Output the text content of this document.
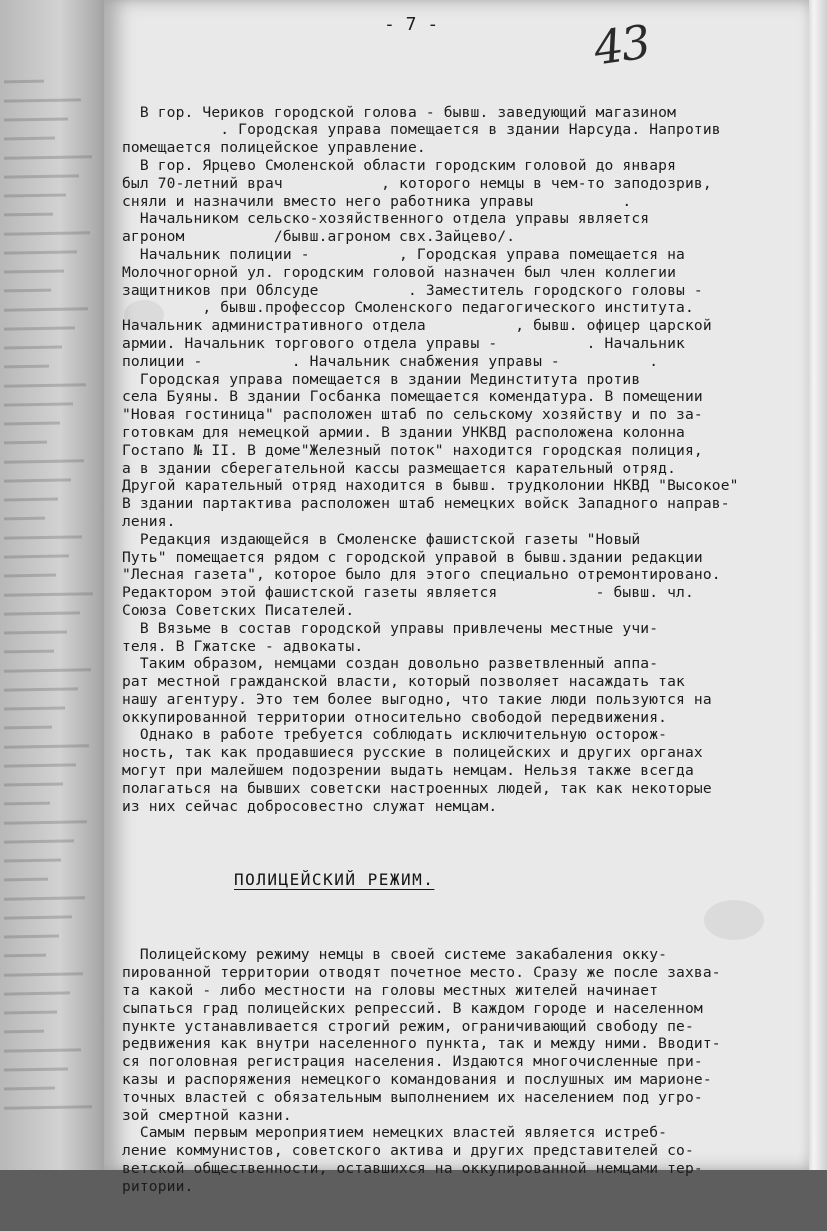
- 7 -	43

В гор. Чериков городской голова - бывш. заведующий магазином
. Городская управа помещается в здании Нарсуда. Напротив
помещается полицейское управление.
В гор. Ярцево Смоленской области городским головой до января
был 70-летний врач           , которого немцы в чем-то заподозрив,
сняли и назначили вместо него работника управы          .
Начальником сельско-хозяйственного отдела управы является
агроном          /бывш.агроном свх.Зайцево/.
Начальник полиции -          , Городская управа помещается на
Молочногорной ул. городским головой назначен был член коллегии
защитников при Облсуде          . Заместитель городского головы -
, бывш.профессор Смоленского педагогического института.
Начальник административного отдела          , бывш. офицер царской
армии. Начальник торгового отдела управы -          . Начальник
полиции -          . Начальник снабжения управы -          .
Городская управа помещается в здании Мединститута против
села Буяны. В здании Госбанка помещается комендатура. В помещении
"Новая гостиница" расположен штаб по сельскому хозяйству и по за-
готовкам для немецкой армии. В здании УНКВД расположена колонна
Гостапо № II. В доме"Железный поток" находится городская полиция,
а в здании сберегательной кассы размещается карательный отряд.
Другой карательный отряд находится в бывш. трудколонии НКВД "Высокое"
В здании партактива расположен штаб немецких войск Западного направ-
ления.
Редакция издающейся в Смоленске фашистской газеты "Новый
Путь" помещается рядом с городской управой в бывш.здании редакции
"Лесная газета", которое было для этого специально отремонтировано.
Редактором этой фашистской газеты является           - бывш. чл.
Союза Советских Писателей.
В Вязьме в состав городской управы привлечены местные учи-
теля. В Гжатске - адвокаты.
Таким образом, немцами создан довольно разветвленный аппа-
рат местной гражданской власти, который позволяет насаждать так
нашу агентуру. Это тем более выгодно, что такие люди пользуются на
оккупированной территории относительно свободой передвижения.
Однако в работе требуется соблюдать исключительную осторож-
ность, так как продавшиеся русские в полицейских и других органах
могут при малейшем подозрении выдать немцам. Нельзя также всегда
полагаться на бывших советски настроенных людей, так как некоторые
из них сейчас добросовестно служат немцам.

ПОЛИЦЕЙСКИЙ РЕЖИМ.

Полицейскому режиму немцы в своей системе закабаления окку-
пированной территории отводят почетное место. Сразу же после захва-
та какой - либо местности на головы местных жителей начинает
сыпаться град полицейских репрессий. В каждом городе и населенном
пункте устанавливается строгий режим, ограничивающий свободу пе-
редвижения как внутри населенного пункта, так и между ними. Вводит-
ся поголовная регистрация населения. Издаются многочисленные при-
казы и распоряжения немецкого командования и послушных им марионе-
точных властей с обязательным выполнением их населением под угро-
зой смертной казни.
Самым первым мероприятием немецких властей является истреб-
ление коммунистов, советского актива и других представителей со-
ветской общественности, оставшихся на оккупированной немцами тер-
ритории.
